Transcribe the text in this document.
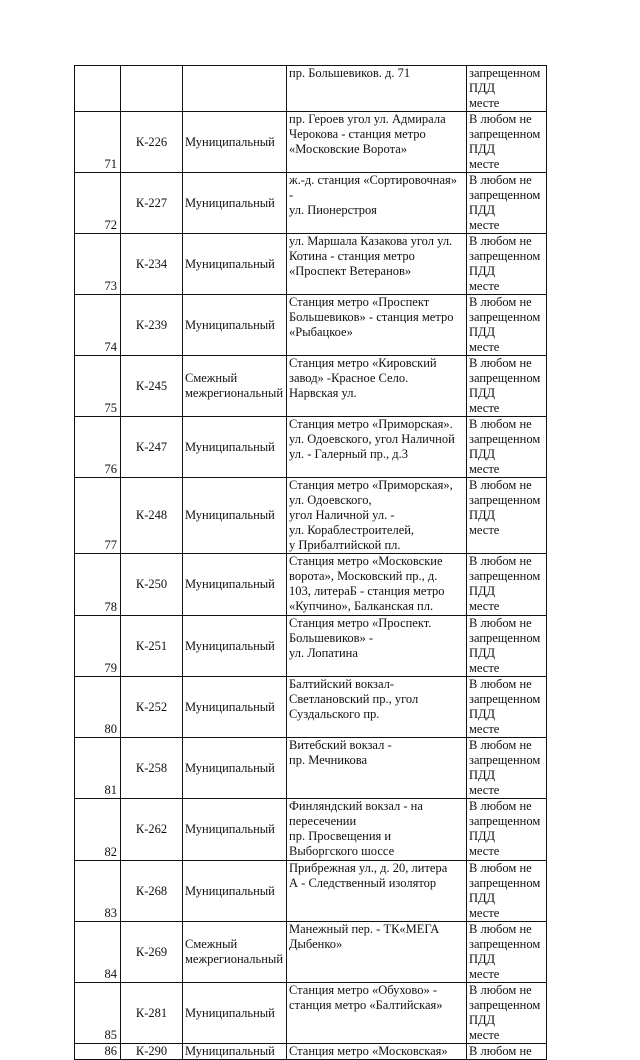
			пр. Большевиков. д. 71	запрещенном ПДД
месте
71	К-226	Муниципальный	пр. Героев угол ул. Адмирала
Черокова - станция метро
«Московские Ворота»	В любом не
запрещенном ПДД
месте
72	К-227	Муниципальный	ж.-д. станция «Сортировочная»
-
ул. Пионерстроя	В любом не
запрещенном ПДД
месте
73	К-234	Муниципальный	ул. Маршала Казакова угол ул.
Котина - станция метро
«Проспект Ветеранов»	В любом не
запрещенном ПДД
месте
74	К-239	Муниципальный	Станция метро «Проспект
Большевиков» - станция метро
«Рыбацкое»	В любом не
запрещенном ПДД
месте
75	К-245	Смежный
межрегиональный	Станция метро «Кировский
завод» -Красное Село.
Нарвская ул.	В любом не
запрещенном ПДД
месте
76	К-247	Муниципальный	Станция метро «Приморская».
ул. Одоевского, угол Наличной
ул. - Галерный пр., д.3	В любом не
запрещенном ПДД
месте
77	К-248	Муниципальный	Станция метро «Приморская»,
ул. Одоевского,
угол Наличной ул. -
ул. Кораблестроителей,
у Прибалтийской пл.	В любом не
запрещенном ПДД
месте
78	К-250	Муниципальный	Станция метро «Московские
ворота», Московский пр., д.
103, литераБ - станция метро
«Купчино», Балканская пл.	В любом не
запрещенном ПДД
месте
79	К-251	Муниципальный	Станция метро «Проспект.
Большевиков» -
ул. Лопатина	В любом не
запрещенном ПДД
месте
80	К-252	Муниципальный	Балтийский вокзал-
Светлановский пр., угол
Суздальского пр.	В любом не
запрещенном ПДД
месте
81	К-258	Муниципальный	Витебский вокзал -
пр. Мечникова	В любом не
запрещенном ПДД
месте
82	К-262	Муниципальный	Финляндский вокзал - на
пересечении
пр. Просвещения и
Выборгского шоссе	В любом не
запрещенном ПДД
месте
83	К-268	Муниципальный	Прибрежная ул., д. 20, литера
А - Следственный изолятор	В любом не
запрещенном ПДД
месте
84	К-269	Смежный
межрегиональный	Манежный пер. - ТК«МЕГА
Дыбенко»	В любом не
запрещенном ПДД
месте
85	К-281	Муниципальный	Станция метро «Обухово» -
станция метро «Балтийская»	В любом не
запрещенном ПДД
месте
86	К-290	Муниципальный	Станция метро «Московская»	В любом не
